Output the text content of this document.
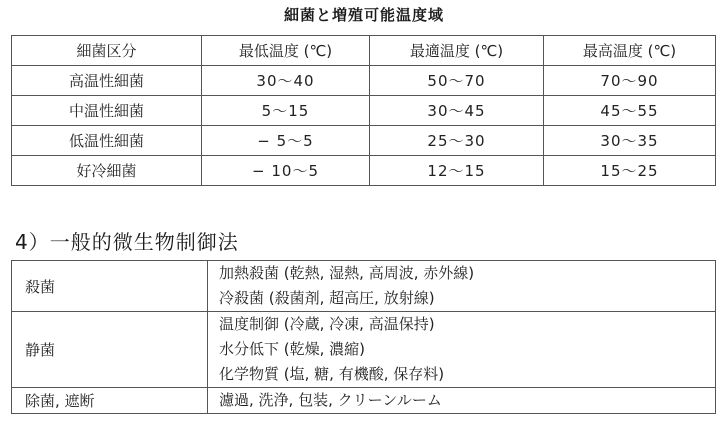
細菌と増殖可能温度域
細菌区分	最低温度 (℃)	最適温度 (℃)	最高温度 (℃)
高温性細菌	30〜40	50〜70	70〜90
中温性細菌	5〜15	30〜45	45〜55
低温性細菌	− 5〜5	25〜30	30〜35
好冷細菌	− 10〜5	12〜15	15〜25
4）一般的微生物制御法
殺菌	加熱殺菌 (乾熱, 湿熱, 高周波, 赤外線)
冷殺菌 (殺菌剤, 超高圧, 放射線)

静菌	温度制御 (冷蔵, 冷凍, 高温保持)
水分低下 (乾燥, 濃縮)
化学物質 (塩, 糖, 有機酸, 保存料)

除菌, 遮断	濾過, 洗浄, 包装, クリーンルーム
